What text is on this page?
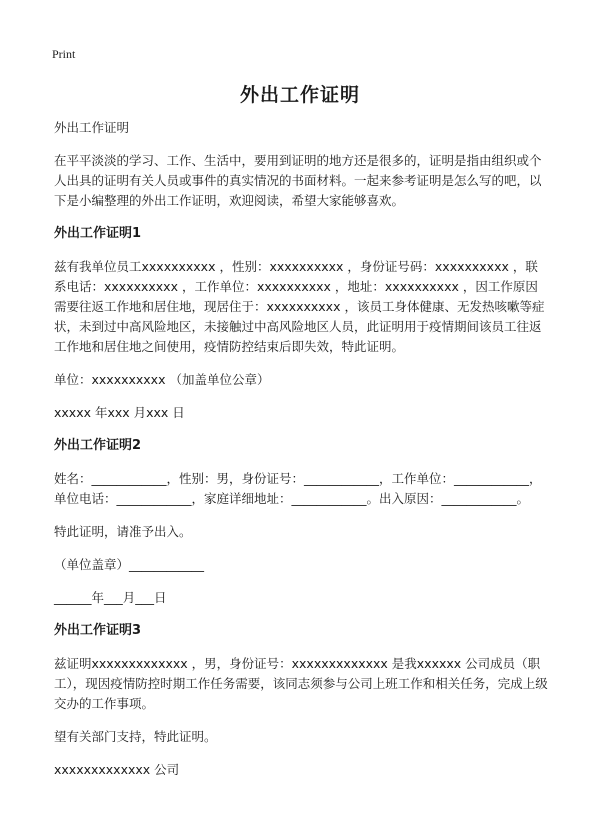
Print
外出工作证明

外出工作证明

在平平淡淡的学习、工作、生活中，要用到证明的地方还是很多的，证明是指由组织或个人出具的证明有关人员或事件的真实情况的书面材料。一起来参考证明是怎么写的吧，以下是小编整理的外出工作证明，欢迎阅读，希望大家能够喜欢。

外出工作证明1

兹有我单位员工xxxxxxxxxx ，性别：xxxxxxxxxx ，身份证号码：xxxxxxxxxx ，联系电话：xxxxxxxxxx ，工作单位：xxxxxxxxxx ，地址：xxxxxxxxxx ，因工作原因需要往返工作地和居住地，现居住于：xxxxxxxxxx ，该员工身体健康、无发热咳嗽等症状，未到过中高风险地区，未接触过中高风险地区人员，此证明用于疫情期间该员工往返工作地和居住地之间使用，疫情防控结束后即失效，特此证明。

单位：xxxxxxxxxx （加盖单位公章）

xxxxx 年xxx 月xxx 日

外出工作证明2

姓名：____________，性别：男，身份证号：____________，工作单位：____________，单位电话：____________，家庭详细地址：____________。出入原因：____________。

特此证明，请准予出入。

（单位盖章）____________

______年___月___日

外出工作证明3

兹证明xxxxxxxxxxxxx ，男，身份证号：xxxxxxxxxxxxx 是我xxxxxx 公司成员（职工），现因疫情防控时期工作任务需要，该同志须参与公司上班工作和相关任务，完成上级交办的工作事项。

望有关部门支持，特此证明。

xxxxxxxxxxxxx 公司
